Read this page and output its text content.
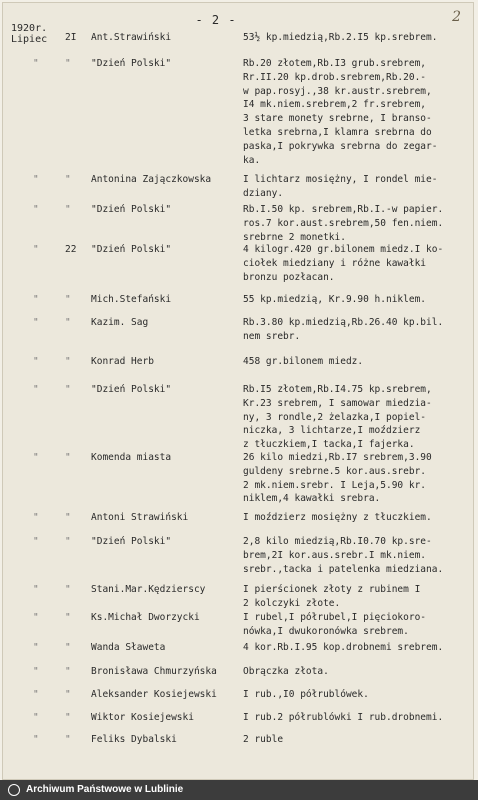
- 2 -	2
1920r.
Lipiec 2I Ant.Strawiński	53½ kp.miedzią,Rb.2.I5 kp.srebrem.
"	" "Dzień Polski"	Rb.20 złotem,Rb.I3 grub.srebrem,
Rr.II.20 kp.drob.srebrem,Rb.20.-
w pap.rosyj.,38 kr.austr.srebrem,
I4 mk.niem.srebrem,2 fr.srebrem,
3 stare monety srebrne, I branso-
letka srebrna,I klamra srebrna do
paska,I pokrywka srebrna do zegar-
ka.
"	" Antonina Zajączkowska	I lichtarz mosiężny, I rondel mie-
dziany.
"	" "Dzień Polski"	Rb.I.50 kp. srebrem,Rb.I.-w papier.
ros.7 kor.aust.srebrem,50 fen.niem.
srebrne 2 monetki.
"	22 "Dzień Polski"	4 kilogr.420 gr.bilonem miedz.I ko-
ciołek miedziany i różne kawałki
bronzu pozłacan.
"	" Mich.Stefański	55 kp.miedzią, Kr.9.90 h.niklem.
"	" Kazim. Sag	Rb.3.80 kp.miedzią,Rb.26.40 kp.bil.
nem srebr.
"	" Konrad Herb	458 gr.bilonem miedz.
"	" "Dzień Polski"	Rb.I5 złotem,Rb.I4.75 kp.srebrem,
Kr.23 srebrem, I samowar miedzia-
ny, 3 rondle,2 żelazka,I popiel-
niczka, 3 lichtarze,I moździerz
z tłuczkiem,I tacka,I fajerka.
"	" Komenda miasta	26 kilo miedzi,Rb.I7 srebrem,3.90
guldeny srebrne.5 kor.aus.srebr.
2 mk.niem.srebr. I Leja,5.90 kr.
niklem,4 kawałki srebra.
"	" Antoni Strawiński	I moździerz mosiężny z tłuczkiem.
"	" "Dzień Polski"	2,8 kilo miedzią,Rb.I0.70 kp.sre-
brem,2I kor.aus.srebr.I mk.niem.
srebr.,tacka i patelenka miedziana.
"	" Stani.Mar.Kędzierscy	I pierścionek złoty z rubinem I
2 kolczyki złote.
"	" Ks.Michał Dworzycki	I rubel,I półrubel,I pięciokoro-
nówka,I dwukoronówka srebrem.
"	" Wanda Sławeta	4 kor.Rb.I.95 kop.drobnemi srebrem.
"	" Bronisława Chmurzyńska	Obrączka złota.
"	" Aleksander Kosiejewski	I rub.,I0 półrublówek.
"	" Wiktor Kosiejewski	I rub.2 półrublówki I rub.drobnemi.
"	" Feliks Dybalski	2 ruble
Archiwum Państwowe w Lublinie
